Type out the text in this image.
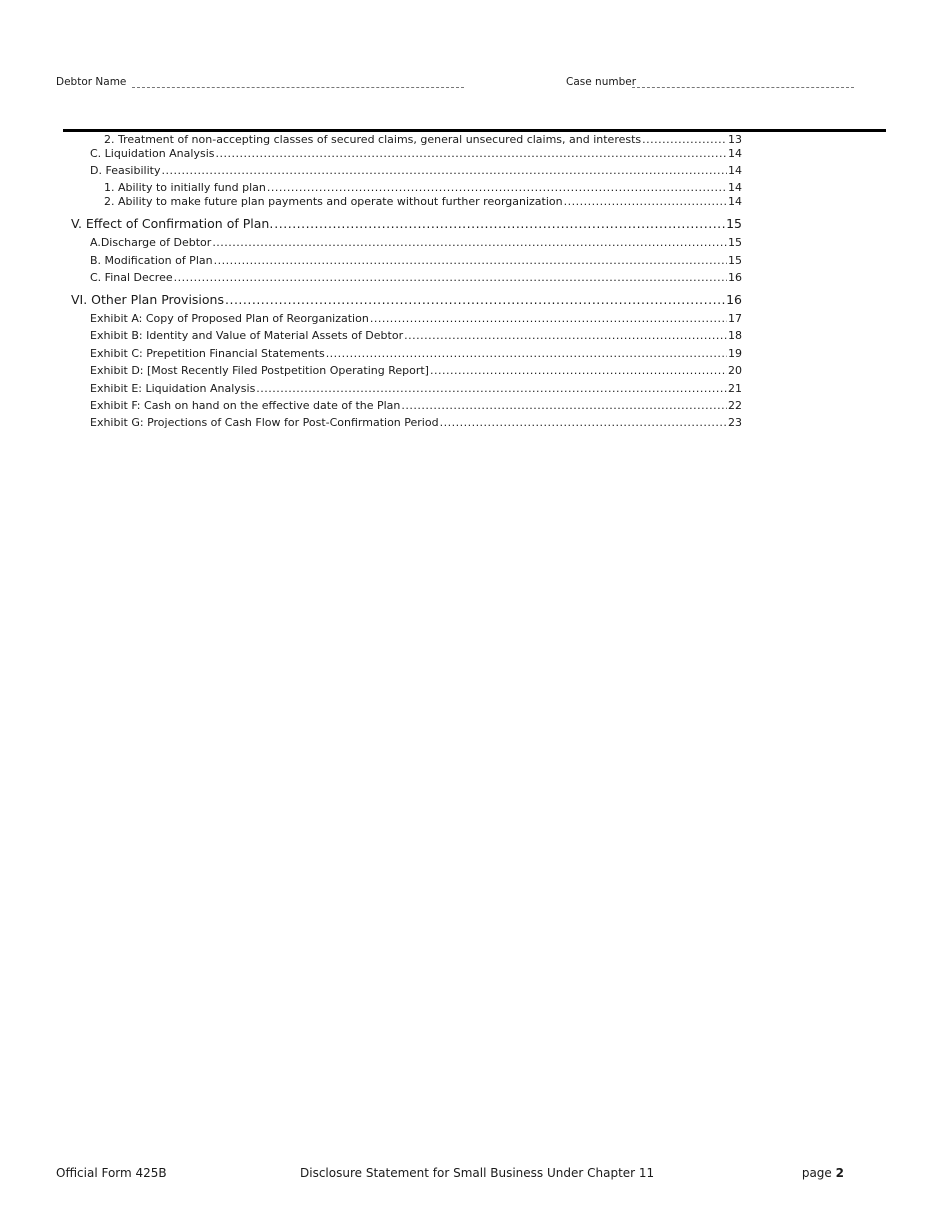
Debtor Name	Case number
2. Treatment of non-accepting classes of secured claims, general unsecured claims, and interests .....	13
C. Liquidation Analysis .....	14
D. Feasibility .....	14
1. Ability to initially fund plan .....	14
2. Ability to make future plan payments and operate without further reorganization .....	14
V. Effect of Confirmation of Plan. .....	15
A.Discharge of Debtor .....	15
B. Modification of Plan .....	15
C. Final Decree .....	16
VI. Other Plan Provisions .....	16
Exhibit A: Copy of Proposed Plan of Reorganization .....	17
Exhibit B: Identity and Value of Material Assets of Debtor .....	18
Exhibit C: Prepetition Financial Statements .....	19
Exhibit D: [Most Recently Filed Postpetition Operating Report] .....	20
Exhibit E: Liquidation Analysis .....	21
Exhibit F: Cash on hand on the effective date of the Plan .....	22
Exhibit G: Projections of Cash Flow for Post-Confirmation Period .....	23
Official Form 425B	Disclosure Statement for Small Business Under Chapter 11	page 2
